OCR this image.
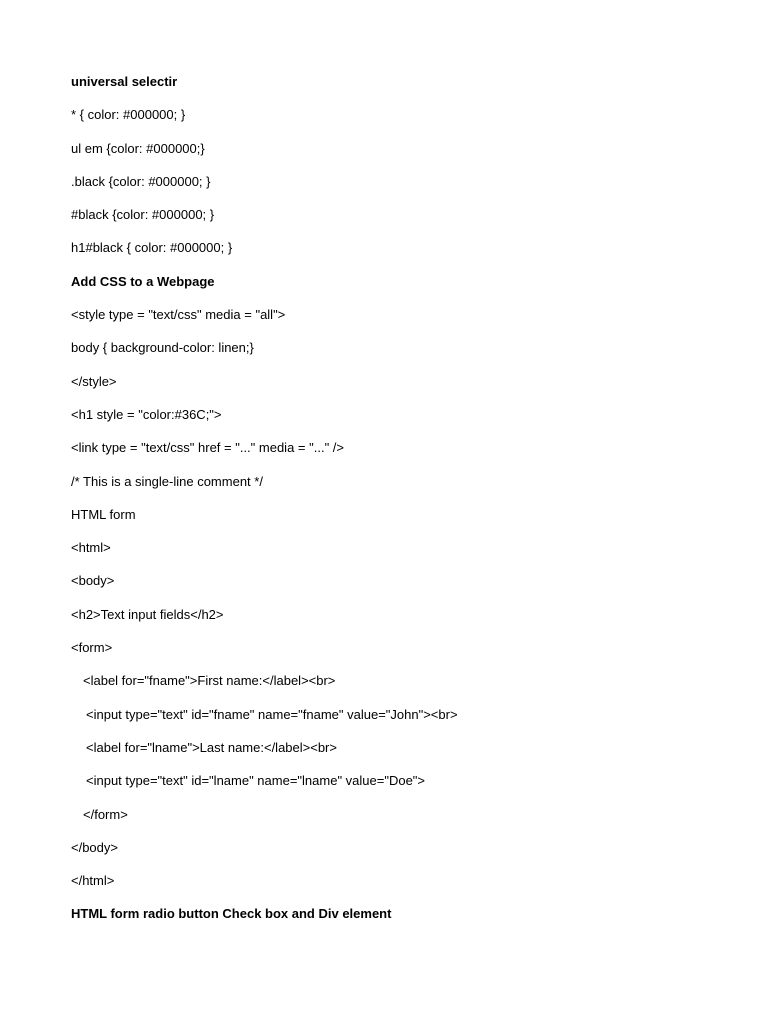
universal selectir
* { color: #000000; }
ul em {color: #000000;}
.black {color: #000000; }
#black {color: #000000; }
h1#black { color: #000000; }
Add CSS to a Webpage
<style type = "text/css" media = "all">
body { background-color: linen;}
</style>
<h1 style = "color:#36C;">
<link type = "text/css" href = "..." media = "..." />
/* This is a single-line comment */
HTML form
<html>
<body>
<h2>Text input fields</h2>
<form>
<label for="fname">First name:</label><br>
<input type="text" id="fname" name="fname" value="John"><br>
<label for="lname">Last name:</label><br>
<input type="text" id="lname" name="lname" value="Doe">
</form>
</body>
</html>
HTML form radio button Check box and Div element
